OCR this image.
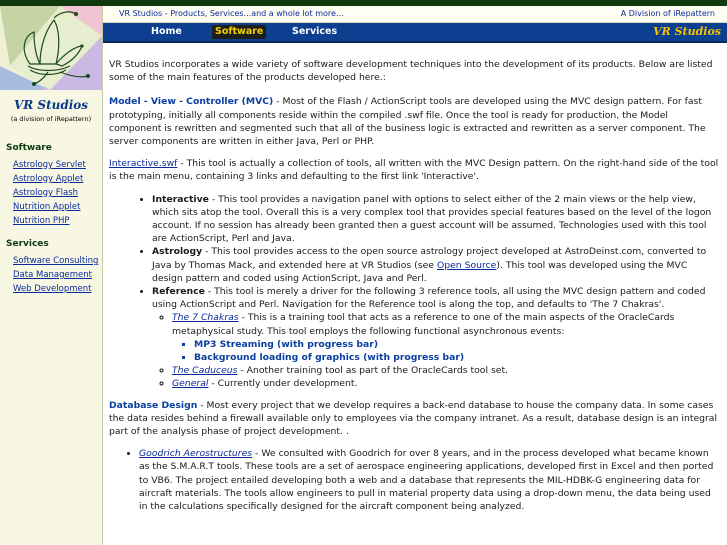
VR Studios
(a division of iRepattern)
Software
Astrology Servlet
Astrology Applet
Astrology Flash
Nutrition Applet
Nutrition PHP
Services
Software Consulting
Data Management
Web Development
VR Studios - Products, Services...and a whole lot more...	A Division of iRepattern
Home	Software	Services	VR Studios

VR Studios incorporates a wide variety of software development techniques into the development of its products. Below are listed some of the main features of the products developed here.:

Model - View - Controller (MVC) - Most of the Flash / ActionScript tools are developed using the MVC design pattern. For fast prototyping, initially all components reside within the compiled .swf file. Once the tool is ready for production, the Model component is rewritten and segmented such that all of the business logic is extracted and rewritten as a server component. The server components are written in either Java, Perl or PHP.

Interactive.swf - This tool is actually a collection of tools, all written with the MVC Design pattern. On the right-hand side of the tool is the main menu, containing 3 links and defaulting to the first link 'Interactive'.

• Interactive - This tool provides a navigation panel with options to select either of the 2 main views or the help view, which sits atop the tool. Overall this is a very complex tool that provides special features based on the level of the logon account. If no session has already been granted then a guest account will be assumed. Technologies used with this tool are ActionScript, Perl and Java.
• Astrology - This tool provides access to the open source astrology project developed at AstroDeinst.com, converted to Java by Thomas Mack, and extended here at VR Studios (see Open Source). This tool was developed using the MVC design pattern and coded using ActionScript, Java and Perl.
• Reference - This tool is merely a driver for the following 3 reference tools, all using the MVC design pattern and coded using ActionScript and Perl. Navigation for the Reference tool is along the top, and defaults to 'The 7 Chakras'.
◦ The 7 Chakras - This is a training tool that acts as a reference to one of the main aspects of the OracleCards metaphysical study. This tool employs the following functional asynchronous events:
▪ MP3 Streaming (with progress bar)
▪ Background loading of graphics (with progress bar)
◦ The Caduceus - Another training tool as part of the OracleCards tool set.
◦ General - Currently under development.

Database Design - Most every project that we develop requires a back-end database to house the company data. In some cases the data resides behind a firewall available only to employees via the company intranet. As a result, database design is an integral part of the analysis phase of project development. .

• Goodrich Aerostructures - We consulted with Goodrich for over 8 years, and in the process developed what became known as the S.M.A.R.T tools. These tools are a set of aerospace engineering applications, developed first in Excel and then ported to VB6. The project entailed developing both a web and a database that represents the MIL-HDBK-G engineering data for aircraft materials. The tools allow engineers to pull in material property data using a drop-down menu, the data being used in the calculations specifically designed for the aircraft component being analyzed.
